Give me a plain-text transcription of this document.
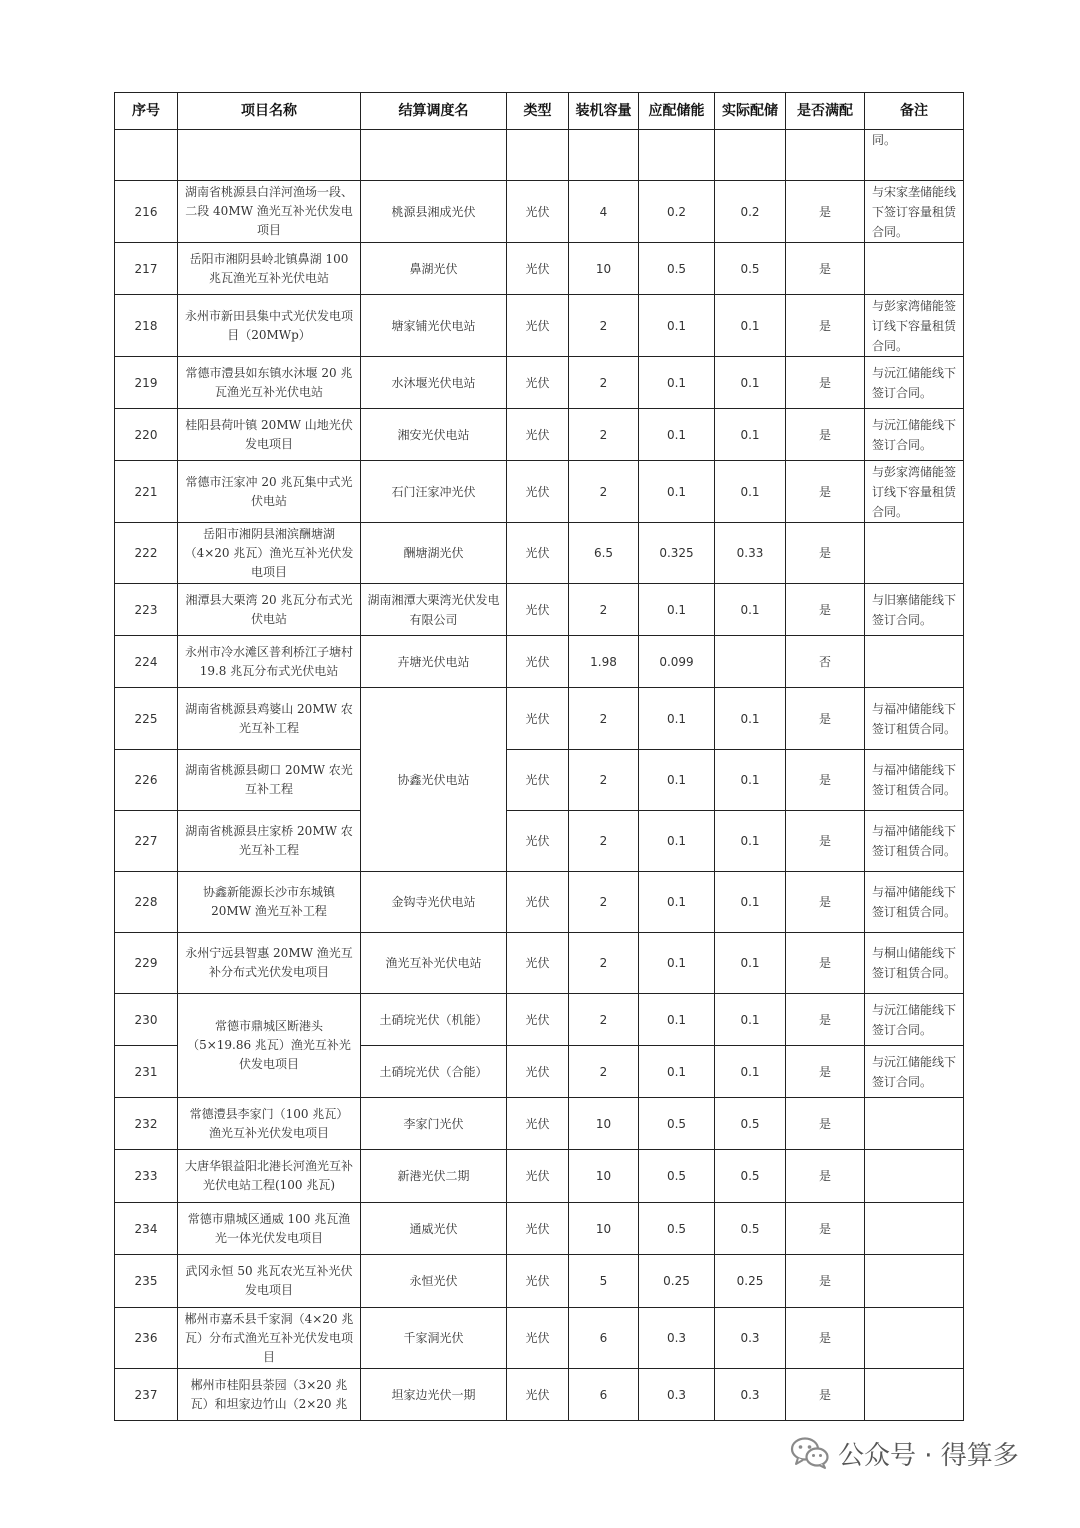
序号	项目名称	结算调度名	类型	装机容量	应配储能	实际配储	是否满配	备注
								同。
216	湖南省桃源县白洋河渔场一段、二段 40MW 渔光互补光伏发电项目	桃源县湘成光伏	光伏	4	0.2	0.2	是	与宋家垄储能线下签订容量租赁合同。
217	岳阳市湘阴县岭北镇鼻湖 100 兆瓦渔光互补光伏电站	鼻湖光伏	光伏	10	0.5	0.5	是	
218	永州市新田县集中式光伏发电项目（20MWp）	塘家铺光伏电站	光伏	2	0.1	0.1	是	与彭家湾储能签订线下容量租赁合同。
219	常德市澧县如东镇水沐堰 20 兆瓦渔光互补光伏电站	水沐堰光伏电站	光伏	2	0.1	0.1	是	与沅江储能线下签订合同。
220	桂阳县荷叶镇 20MW 山地光伏发电项目	湘安光伏电站	光伏	2	0.1	0.1	是	与沅江储能线下签订合同。
221	常德市汪家冲 20 兆瓦集中式光伏电站	石门汪家冲光伏	光伏	2	0.1	0.1	是	与彭家湾储能签订线下容量租赁合同。
222	岳阳市湘阴县湘滨酬塘湖（4×20 兆瓦）渔光互补光伏发电项目	酬塘湖光伏	光伏	6.5	0.325	0.33	是	
223	湘潭县大栗湾 20 兆瓦分布式光伏电站	湖南湘潭大栗湾光伏发电有限公司	光伏	2	0.1	0.1	是	与旧寨储能线下签订合同。
224	永州市冷水滩区普利桥江子塘村 19.8 兆瓦分布式光伏电站	卉塘光伏电站	光伏	1.98	0.099		否	
225	湖南省桃源县鸡婆山 20MW 农光互补工程	协鑫光伏电站	光伏	2	0.1	0.1	是	与福冲储能线下签订租赁合同。
226	湖南省桃源县砌口 20MW 农光互补工程		光伏	2	0.1	0.1	是	与福冲储能线下签订租赁合同。
227	湖南省桃源县庄家桥 20MW 农光互补工程		光伏	2	0.1	0.1	是	与福冲储能线下签订租赁合同。
228	协鑫新能源长沙市东城镇 20MW 渔光互补工程	金钩寺光伏电站	光伏	2	0.1	0.1	是	与福冲储能线下签订租赁合同。
229	永州宁远县智惠 20MW 渔光互补分布式光伏发电项目	渔光互补光伏电站	光伏	2	0.1	0.1	是	与桐山储能线下签订租赁合同。
230	常德市鼎城区断港头（5×19.86 兆瓦）渔光互补光伏发电项目	土硝垸光伏（机能）	光伏	2	0.1	0.1	是	与沅江储能线下签订合同。
231		土硝垸光伏（合能）	光伏	2	0.1	0.1	是	与沅江储能线下签订合同。
232	常德澧县李家门（100 兆瓦）渔光互补光伏发电项目	李家门光伏	光伏	10	0.5	0.5	是	
233	大唐华银益阳北港长河渔光互补光伏电站工程(100 兆瓦)	新港光伏二期	光伏	10	0.5	0.5	是	
234	常德市鼎城区通威 100 兆瓦渔光一体光伏发电项目	通威光伏	光伏	10	0.5	0.5	是	
235	武冈永恒 50 兆瓦农光互补光伏发电项目	永恒光伏	光伏	5	0.25	0.25	是	
236	郴州市嘉禾县千家洞（4×20 兆瓦）分布式渔光互补光伏发电项目	千家洞光伏	光伏	6	0.3	0.3	是	
237	郴州市桂阳县荼园（3×20 兆瓦）和坦家边竹山（2×20 兆	坦家边光伏一期	光伏	6	0.3	0.3	是	
公众号 · 得算多
